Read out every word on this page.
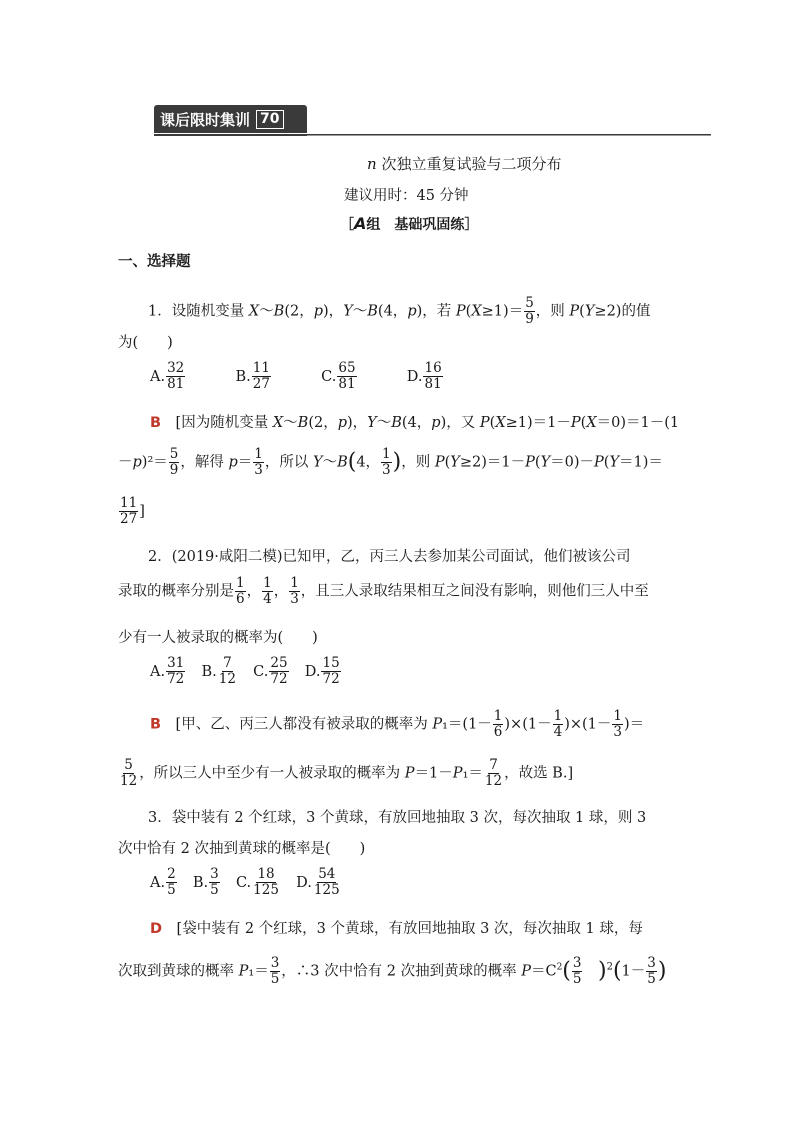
课后限时集训 70
n 次独立重复试验与二项分布
建议用时：45 分钟
［A组　基础巩固练］
一、选择题
1．设随机变量 X～B(2，p)，Y～B(4，p)，若 $P(X\ge 1)= \frac{5}{9}$ ，则 P(Y≥2)的值
为(　　)
A. $\frac{32}{81}$	B. $\frac{11}{27}$	C. $\frac{65}{81}$	D. $\frac{16}{81}$
B　[因为随机变量 X～B(2，p)，Y～B(4，p)，又 P(X≥1)＝1－P(X＝0)＝1－(1
$-p)^2= \frac{5}{9}$ ，解得 $p= \frac{1}{3}$ ，所以 Y～B(4， $\frac{1}{3}$ )，则 P(Y≥2)＝1－P(Y＝0)－P(Y＝1)＝
$\frac{11}{27}$ ]
2．(2019·咸阳二模)已知甲，乙，丙三人去参加某公司面试，他们被该公司
录取的概率分别是 $\frac{1}{6}$ ， $\frac{1}{4}$ ， $\frac{1}{3}$ ，且三人录取结果相互之间没有影响，则他们三人中至
少有一人被录取的概率为(　　)
A. $\frac{31}{72} B$. $\frac{7}{12} C$. $\frac{25}{72} D$. $\frac{15}{72}$
B　[甲、乙、丙三人都没有被录取的概率为 $P_1=(1- \frac{1}{6} )\times(1- \frac{1}{4} )\times(1- \frac{1}{3}$ )＝
$\frac{5}{12}$ ，所以三人中至少有一人被录取的概率为 $P=1-P_1= \frac{7}{12}$ ，故选 B.]
3．袋中装有 2 个红球，3 个黄球，有放回地抽取 3 次，每次抽取 1 球，则 3
次中恰有 2 次抽到黄球的概率是(　　)
A. $\frac{2}{5} B$. $\frac{3}{5} C$. $\frac{18}{125} D$. $\frac{54}{125}$
D　[袋中装有 2 个红球，3 个黄球，有放回地抽取 3 次，每次抽取 1 球，每
次取到黄球的概率 $P_1= \frac{3}{5}$ ，∴3 次中恰有 2 次抽到黄球的概率 $P=C^2( \frac{3}{5}$
　 )$^2(1- \frac{3}{5}$ )
